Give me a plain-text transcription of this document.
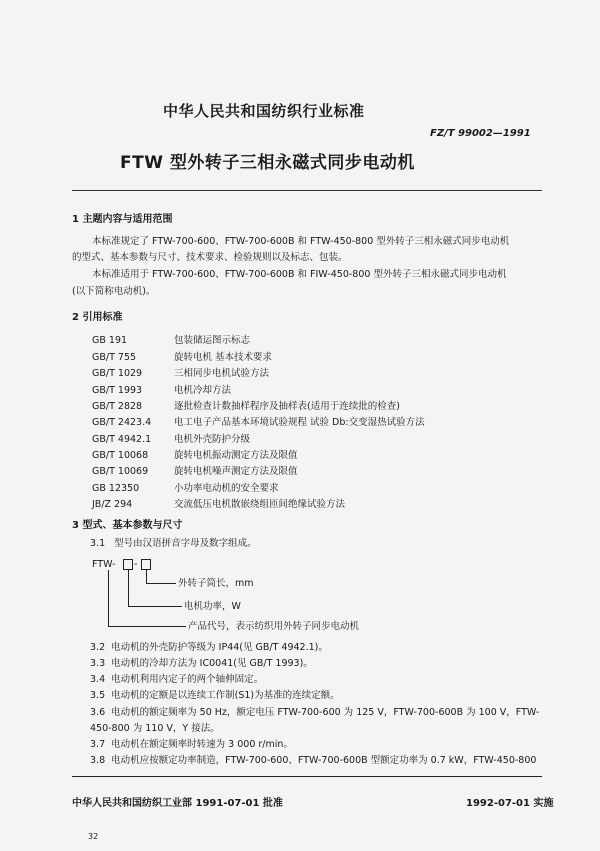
中华人民共和国纺织行业标准
FZ/T 99002—1991
FTW 型外转子三相永磁式同步电动机
1 主题内容与适用范围
本标准规定了 FTW-700-600、FTW-700-600B 和 FTW-450-800 型外转子三相永磁式同步电动机
的型式、基本参数与尺寸、技术要求、检验规则以及标志、包装。
本标准适用于 FTW-700-600、FTW-700-600B 和 FIW-450-800 型外转子三相永磁式同步电动机
(以下简称电动机)。
2 引用标准
GB 191	包装储运图示标志
GB/T 755	旋转电机 基本技术要求
GB/T 1029	三相同步电机试验方法
GB/T 1993	电机冷却方法
GB/T 2828	逐批检查计数抽样程序及抽样表(适用于连续批的检查)
GB/T 2423.4 电工电子产品基本环境试验规程 试验 Db:交变湿热试验方法
GB/T 4942.1 电机外壳防护分级
GB/T 10068	旋转电机振动测定方法及限值
GB/T 10069	旋转电机噪声测定方法及限值
GB 12350	小功率电动机的安全要求
JB/Z 294	交流低压电机散嵌绕组匝间绝缘试验方法
3 型式、基本参数与尺寸
3.1 型号由汉语拼音字母及数字组成。
FTW- -
外转子筒长，mm
电机功率，W
产品代号，表示纺织用外转子同步电动机
3.2 电动机的外壳防护等级为 IP44(见 GB/T 4942.1)。
3.3 电动机的冷却方法为 IC0041(见 GB/T 1993)。
3.4 电动机利用内定子的两个轴伸固定。
3.5 电动机的定额是以连续工作制(S1)为基准的连续定额。
3.6 电动机的额定频率为 50 Hz，额定电压 FTW-700-600 为 125 V，FTW-700-600B 为 100 V，FTW-
450-800 为 110 V，Y 接法。
3.7 电动机在额定频率时转速为 3 000 r/min。
3.8 电动机应按额定功率制造，FTW-700-600、FTW-700-600B 型额定功率为 0.7 kW，FTW-450-800
中华人民共和国纺织工业部 1991-07-01 批准	1992-07-01 实施
32
